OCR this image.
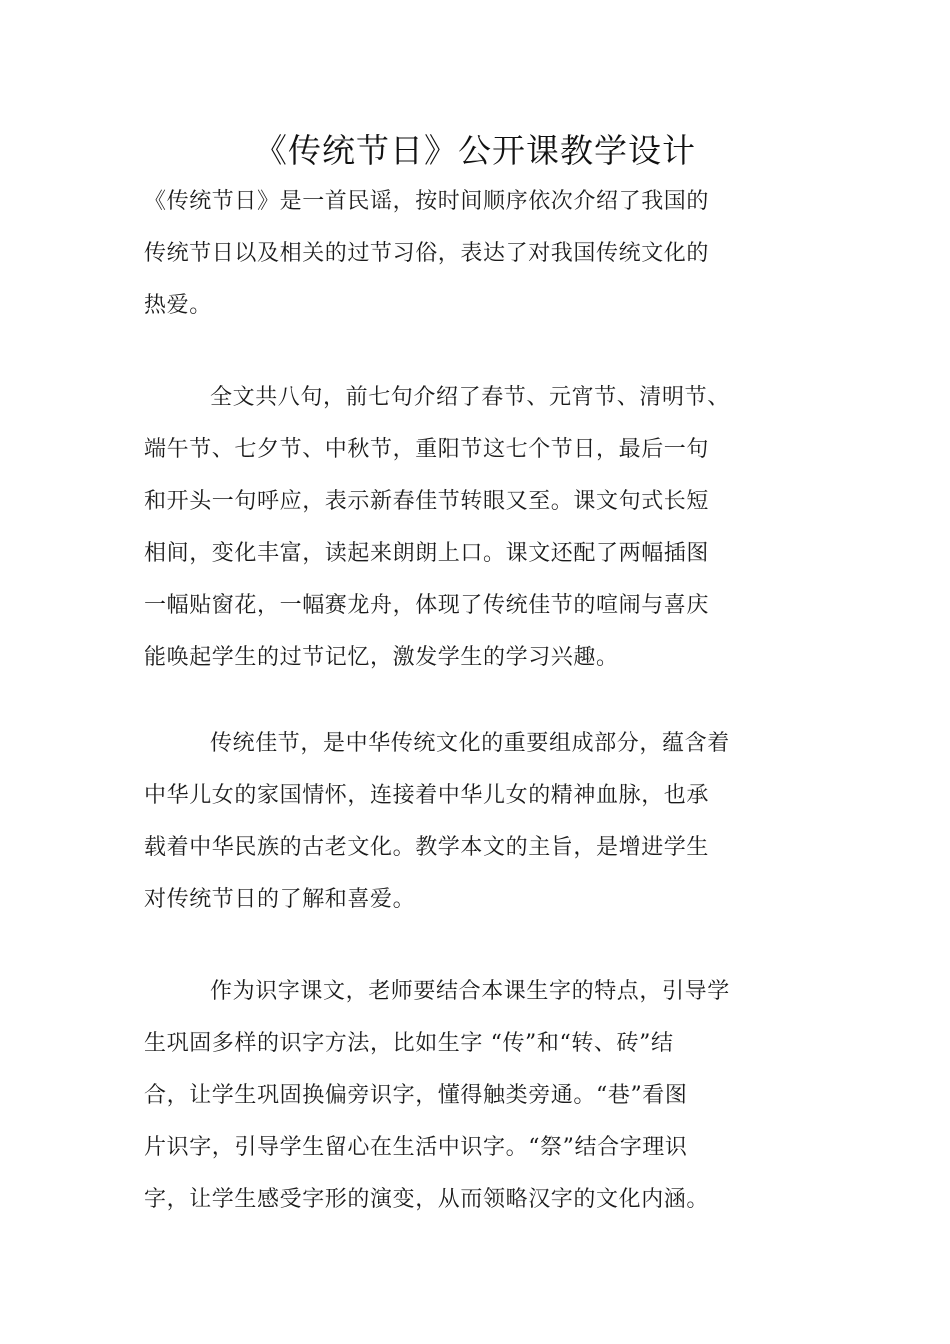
《传统节日》公开课教学设计
《传统节日》是一首民谣，按时间顺序依次介绍了我国的
传统节日以及相关的过节习俗，表达了对我国传统文化的
热爱。
全文共八句，前七句介绍了春节、元宵节、清明节、
端午节、七夕节、中秋节，重阳节这七个节日，最后一句
和开头一句呼应，表示新春佳节转眼又至。课文句式长短
相间，变化丰富，读起来朗朗上口。课文还配了两幅插图
一幅贴窗花，一幅赛龙舟，体现了传统佳节的喧闹与喜庆
能唤起学生的过节记忆，激发学生的学习兴趣。
传统佳节，是中华传统文化的重要组成部分，蕴含着
中华儿女的家国情怀，连接着中华儿女的精神血脉，也承
载着中华民族的古老文化。教学本文的主旨，是增进学生
对传统节日的了解和喜爱。
作为识字课文，老师要结合本课生字的特点，引导学
生巩固多样的识字方法，比如生字 “传”和“转、砖”结
合，让学生巩固换偏旁识字，懂得触类旁通。“巷”看图
片识字，引导学生留心在生活中识字。“祭”结合字理识
字，让学生感受字形的演变，从而领略汉字的文化内涵。
